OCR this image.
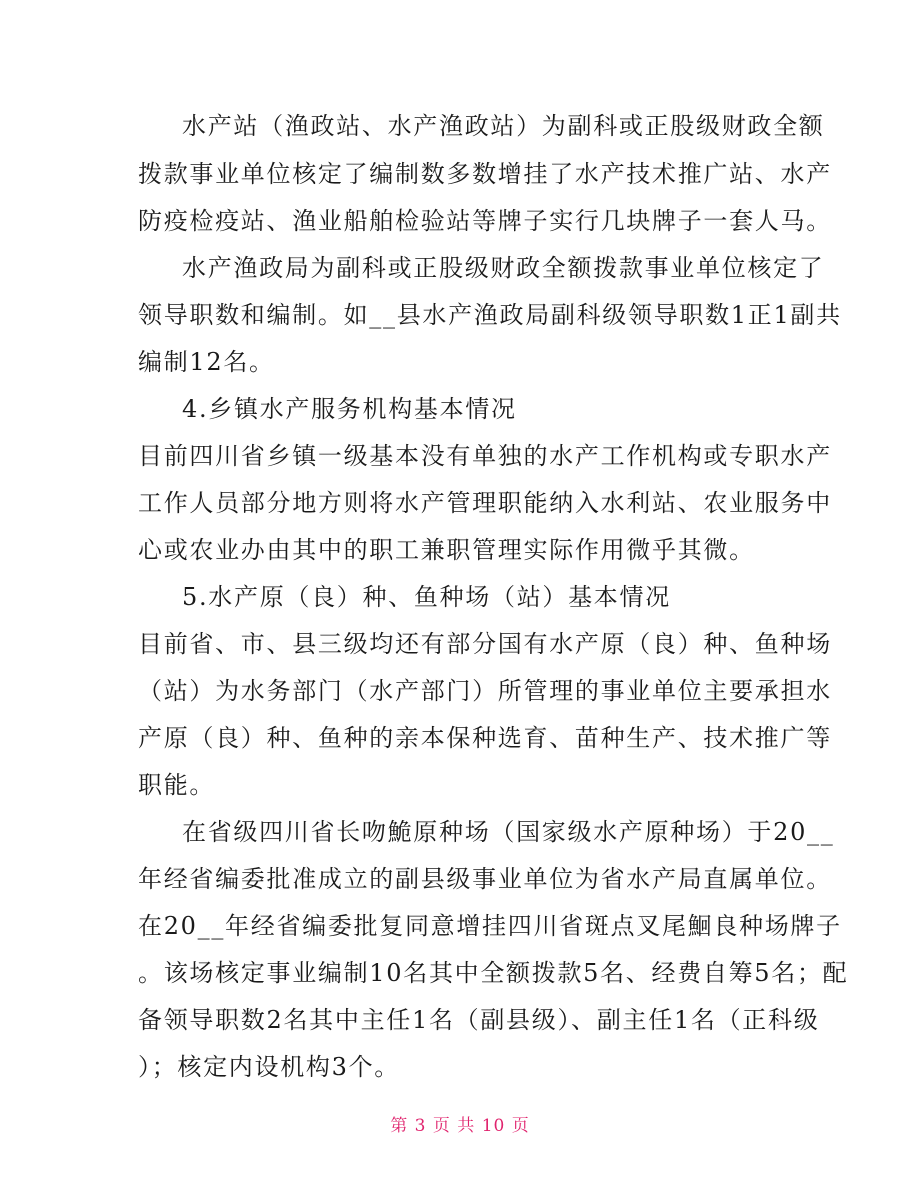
水产站（渔政站、水产渔政站）为副科或正股级财政全额
拨款事业单位核定了编制数多数增挂了水产技术推广站、水产
防疫检疫站、渔业船舶检验站等牌子实行几块牌子一套人马。
水产渔政局为副科或正股级财政全额拨款事业单位核定了
领导职数和编制。如__县水产渔政局副科级领导职数1正1副共
编制12名。
4.乡镇水产服务机构基本情况
目前四川省乡镇一级基本没有单独的水产工作机构或专职水产
工作人员部分地方则将水产管理职能纳入水利站、农业服务中
心或农业办由其中的职工兼职管理实际作用微乎其微。
5.水产原（良）种、鱼种场（站）基本情况
目前省、市、县三级均还有部分国有水产原（良）种、鱼种场
（站）为水务部门（水产部门）所管理的事业单位主要承担水
产原（良）种、鱼种的亲本保种选育、苗种生产、技术推广等
职能。
在省级四川省长吻鮠原种场（国家级水产原种场）于20__
年经省编委批准成立的副县级事业单位为省水产局直属单位。
在20__年经省编委批复同意增挂四川省斑点叉尾鮰良种场牌子
。该场核定事业编制10名其中全额拨款5名、经费自筹5名；配
备领导职数2名其中主任1名（副县级）、副主任1名（正科级
）；核定内设机构3个。
第 3 页 共 10 页
